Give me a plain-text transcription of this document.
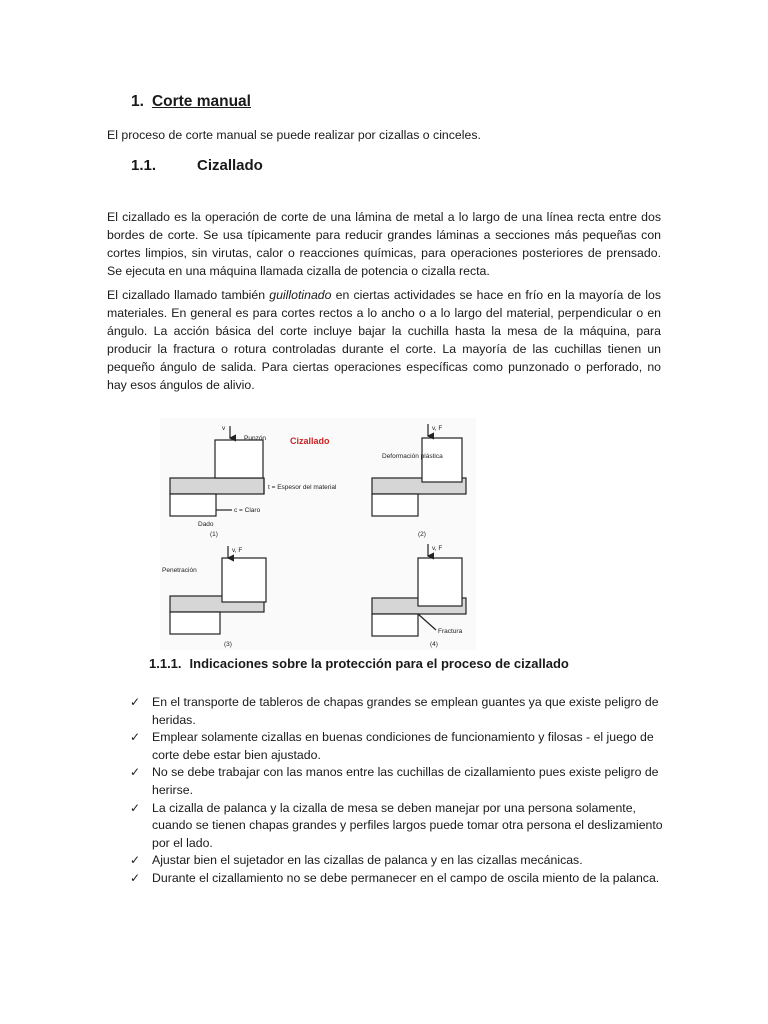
1. Corte manual
El proceso de corte manual se puede realizar por cizallas o cinceles.
1.1.	Cizallado
El cizallado es la operación de corte de una lámina de metal a lo largo de una línea recta entre dos bordes de corte. Se usa típicamente para reducir grandes láminas a secciones más pequeñas con cortes limpios, sin virutas, calor o reacciones químicas, para operaciones posteriores de prensado. Se ejecuta en una máquina llamada cizalla de potencia o cizalla recta.
El cizallado llamado también guillotinado en ciertas actividades se hace en frío en la mayoría de los materiales. En general es para cortes rectos a lo ancho o a lo largo del material, perpendicular o en ángulo. La acción básica del corte incluye bajar la cuchilla hasta la mesa de la máquina, para producir la fractura o rotura controladas durante el corte. La mayoría de las cuchillas tienen un pequeño ángulo de salida. Para ciertas operaciones específicas como punzonado o perforado, no hay esos ángulos de alivio.
v
Punzón	Cizallado
t = Espesor del material
c = Claro
Dado
(1)
v, F
Deformación plástica
(2)
v, F
Penetración
(3)
v, F
Fractura
(4)
1.1.1. Indicaciones sobre la protección para el proceso de cizallado
✓ En el transporte de tableros de chapas grandes se emplean guantes ya que existe peligro de heridas.
✓ Emplear solamente cizallas en buenas condiciones de funcionamiento y filosas - el juego de corte debe estar bien ajustado.
✓ No se debe trabajar con las manos entre las cuchillas de cizallamiento pues existe peligro de herirse.
✓ La cizalla de palanca y la cizalla de mesa se deben manejar por una persona solamente, cuando se tienen chapas grandes y perfiles largos puede tomar otra persona el deslizamiento por el lado.
✓ Ajustar bien el sujetador en las cizallas de palanca y en las cizallas mecánicas.
✓ Durante el cizallamiento no se debe permanecer en el campo de oscila miento de la palanca.
